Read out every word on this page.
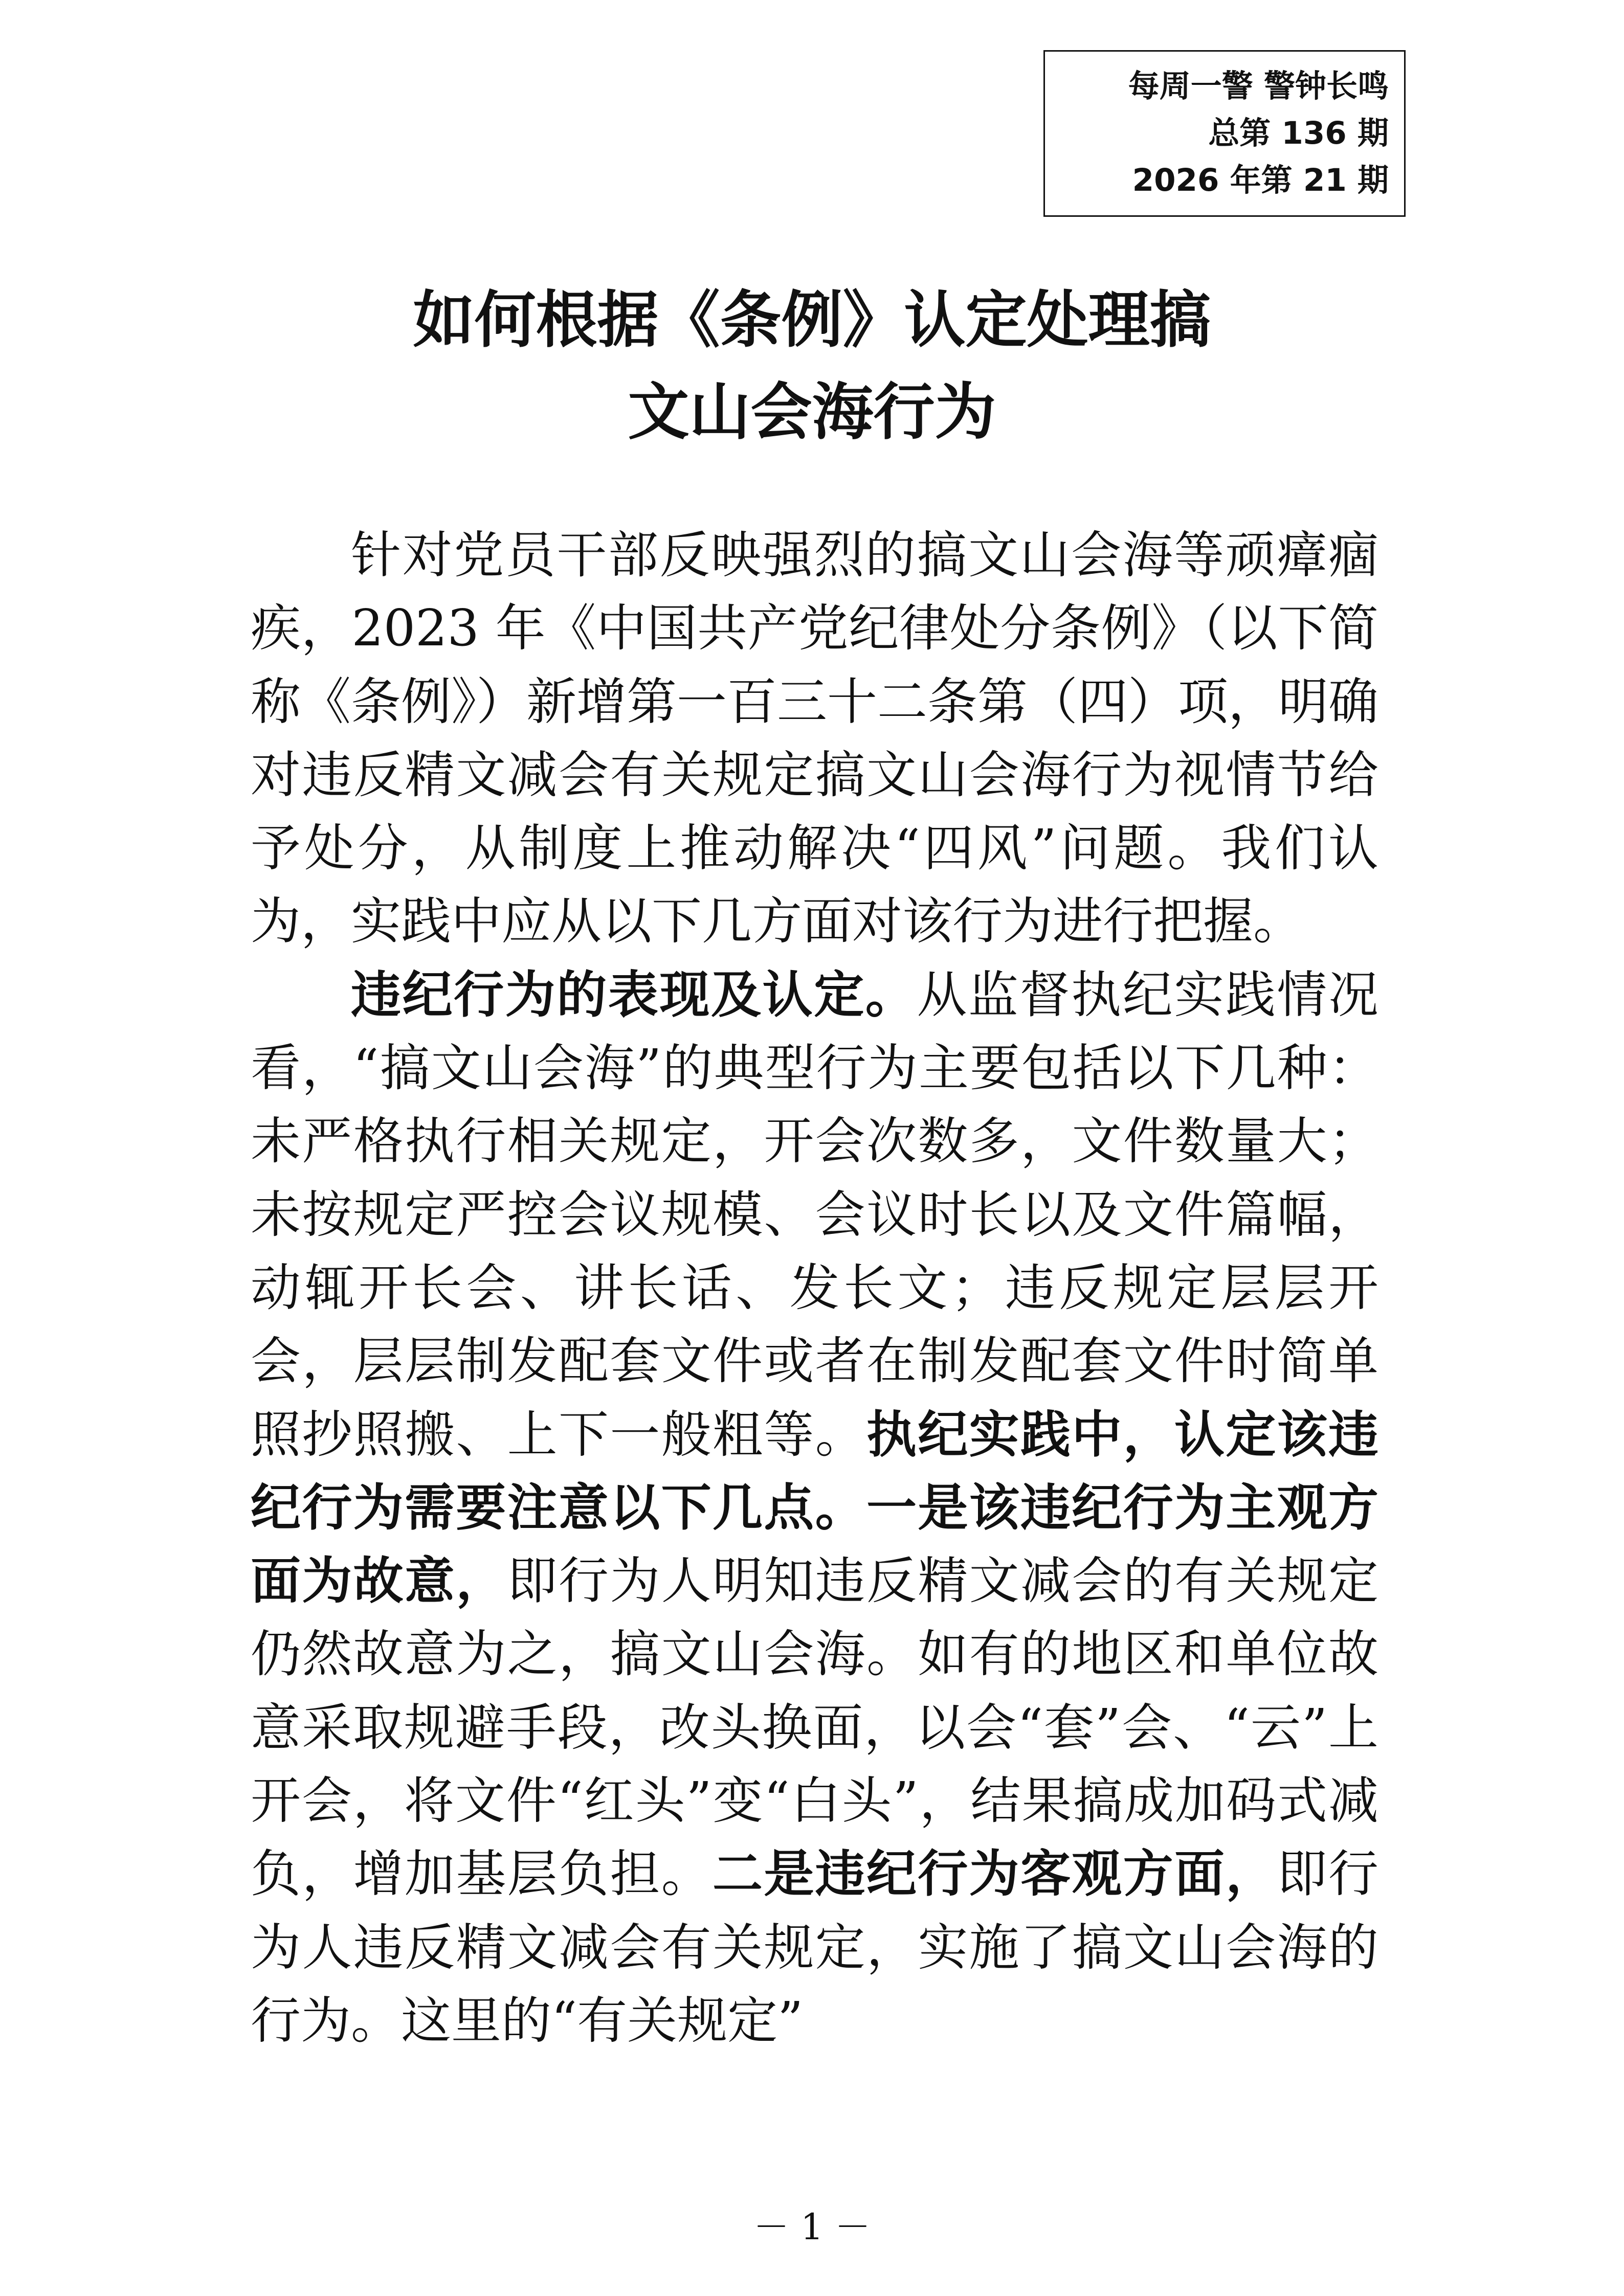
每周一警 警钟长鸣
总第 136 期
2026 年第 21 期
如何根据《条例》认定处理搞
文山会海行为

针对党员干部反映强烈的搞文山会海等顽瘴痼疾，2023 年《中国共产党纪律处分条例》（以下简称《条例》）新增第一百三十二条第（四）项，明确对违反精文减会有关规定搞文山会海行为视情节给予处分，从制度上推动解决“四风”问题。我们认为，实践中应从以下几方面对该行为进行把握。

违纪行为的表现及认定。从监督执纪实践情况看，“搞文山会海”的典型行为主要包括以下几种：未严格执行相关规定，开会次数多，文件数量大；未按规定严控会议规模、会议时长以及文件篇幅，动辄开长会、讲长话、发长文；违反规定层层开会，层层制发配套文件或者在制发配套文件时简单照抄照搬、上下一般粗等。执纪实践中，认定该违纪行为需要注意以下几点。一是该违纪行为主观方面为故意，即行为人明知违反精文减会的有关规定仍然故意为之，搞文山会海。如有的地区和单位故意采取规避手段，改头换面，以会“套”会、“云”上开会，将文件“红头”变“白头”，结果搞成加码式减负，增加基层负担。二是违纪行为客观方面，即行为人违反精文减会有关规定，实施了搞文山会海的行为。这里的“有关规定”

－ 1 －
